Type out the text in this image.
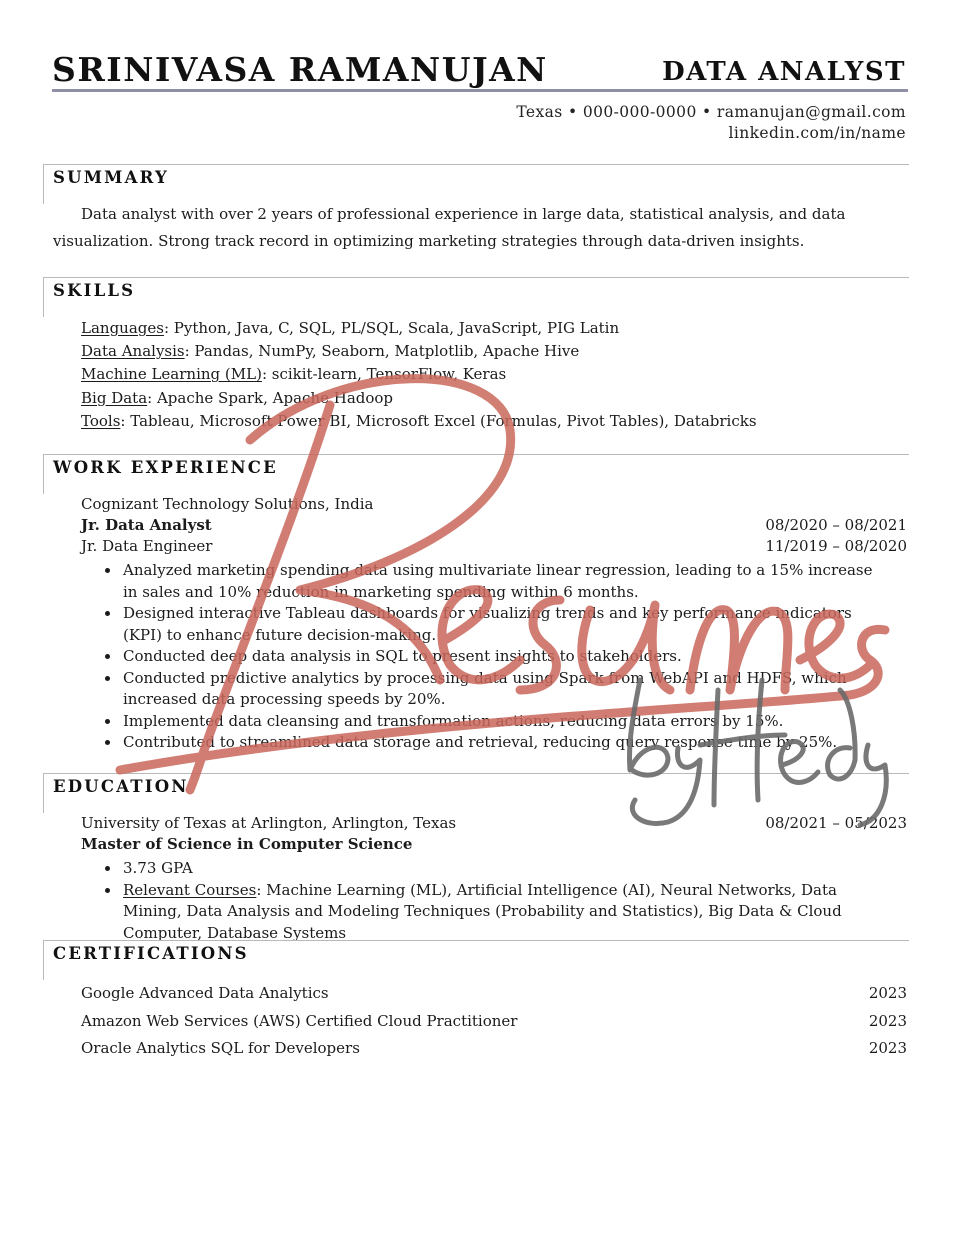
SRINIVASA RAMANUJAN	DATA ANALYST
Texas • 000-000-0000 • ramanujan@gmail.com
linkedin.com/in/name
SUMMARY

Data analyst with over 2 years of professional experience in large data, statistical analysis, and data visualization. Strong track record in optimizing marketing strategies through data-driven insights.

SKILLS
Languages: Python, Java, C, SQL, PL/SQL, Scala, JavaScript, PIG Latin
Data Analysis: Pandas, NumPy, Seaborn, Matplotlib, Apache Hive
Machine Learning (ML): scikit-learn, TensorFlow, Keras
Big Data: Apache Spark, Apache Hadoop
Tools: Tableau, Microsoft Power BI, Microsoft Excel (Formulas, Pivot Tables), Databricks
WORK EXPERIENCE
Cognizant Technology Solutions, India
Jr. Data Analyst	08/2020 – 08/2021
Jr. Data Engineer	11/2019 – 08/2020
• Analyzed marketing spending data using multivariate linear regression, leading to a 15% increase in sales and 10% reduction in marketing spending within 6 months.
• Designed interactive Tableau dashboards for visualizing trends and key performance indicators (KPI) to enhance future decision-making.
• Conducted deep data analysis in SQL to present insights to stakeholders.
• Conducted predictive analytics by processing data using Spark from WebAPI and HDFS, which increased data processing speeds by 20%.
• Implemented data cleansing and transformation actions, reducing data errors by 15%.
• Contributed to streamlined data storage and retrieval, reducing query response time by 25%.
EDUCATION
University of Texas at Arlington, Arlington, Texas	08/2021 – 05/2023
Master of Science in Computer Science
• 3.73 GPA
• Relevant Courses: Machine Learning (ML), Artificial Intelligence (AI), Neural Networks, Data Mining, Data Analysis and Modeling Techniques (Probability and Statistics), Big Data & Cloud Computer, Database Systems
CERTIFICATIONS
Google Advanced Data Analytics	2023
Amazon Web Services (AWS) Certified Cloud Practitioner	2023
Oracle Analytics SQL for Developers	2023
